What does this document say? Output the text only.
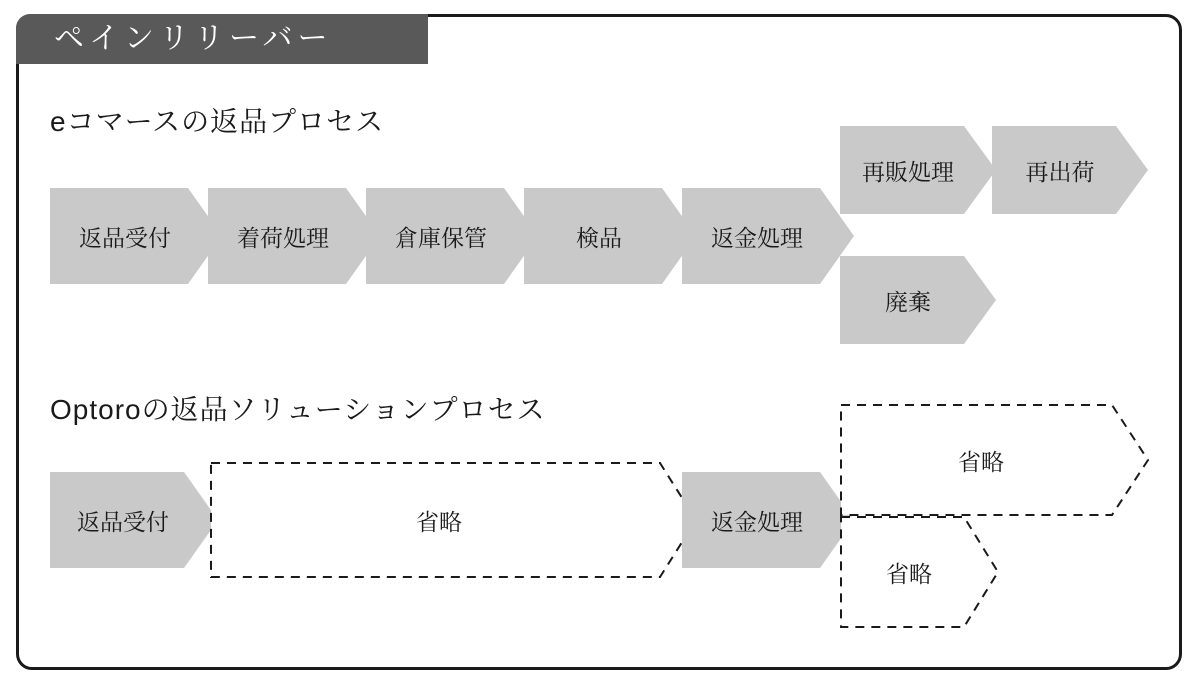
ペインリリーバー
eコマースの返品プロセス
返品受付	着荷処理	倉庫保管	検品	返金処理
再販処理	再出荷
廃棄
Optoroの返品ソリューションプロセス
返品受付	省略	返金処理
省略
省略
